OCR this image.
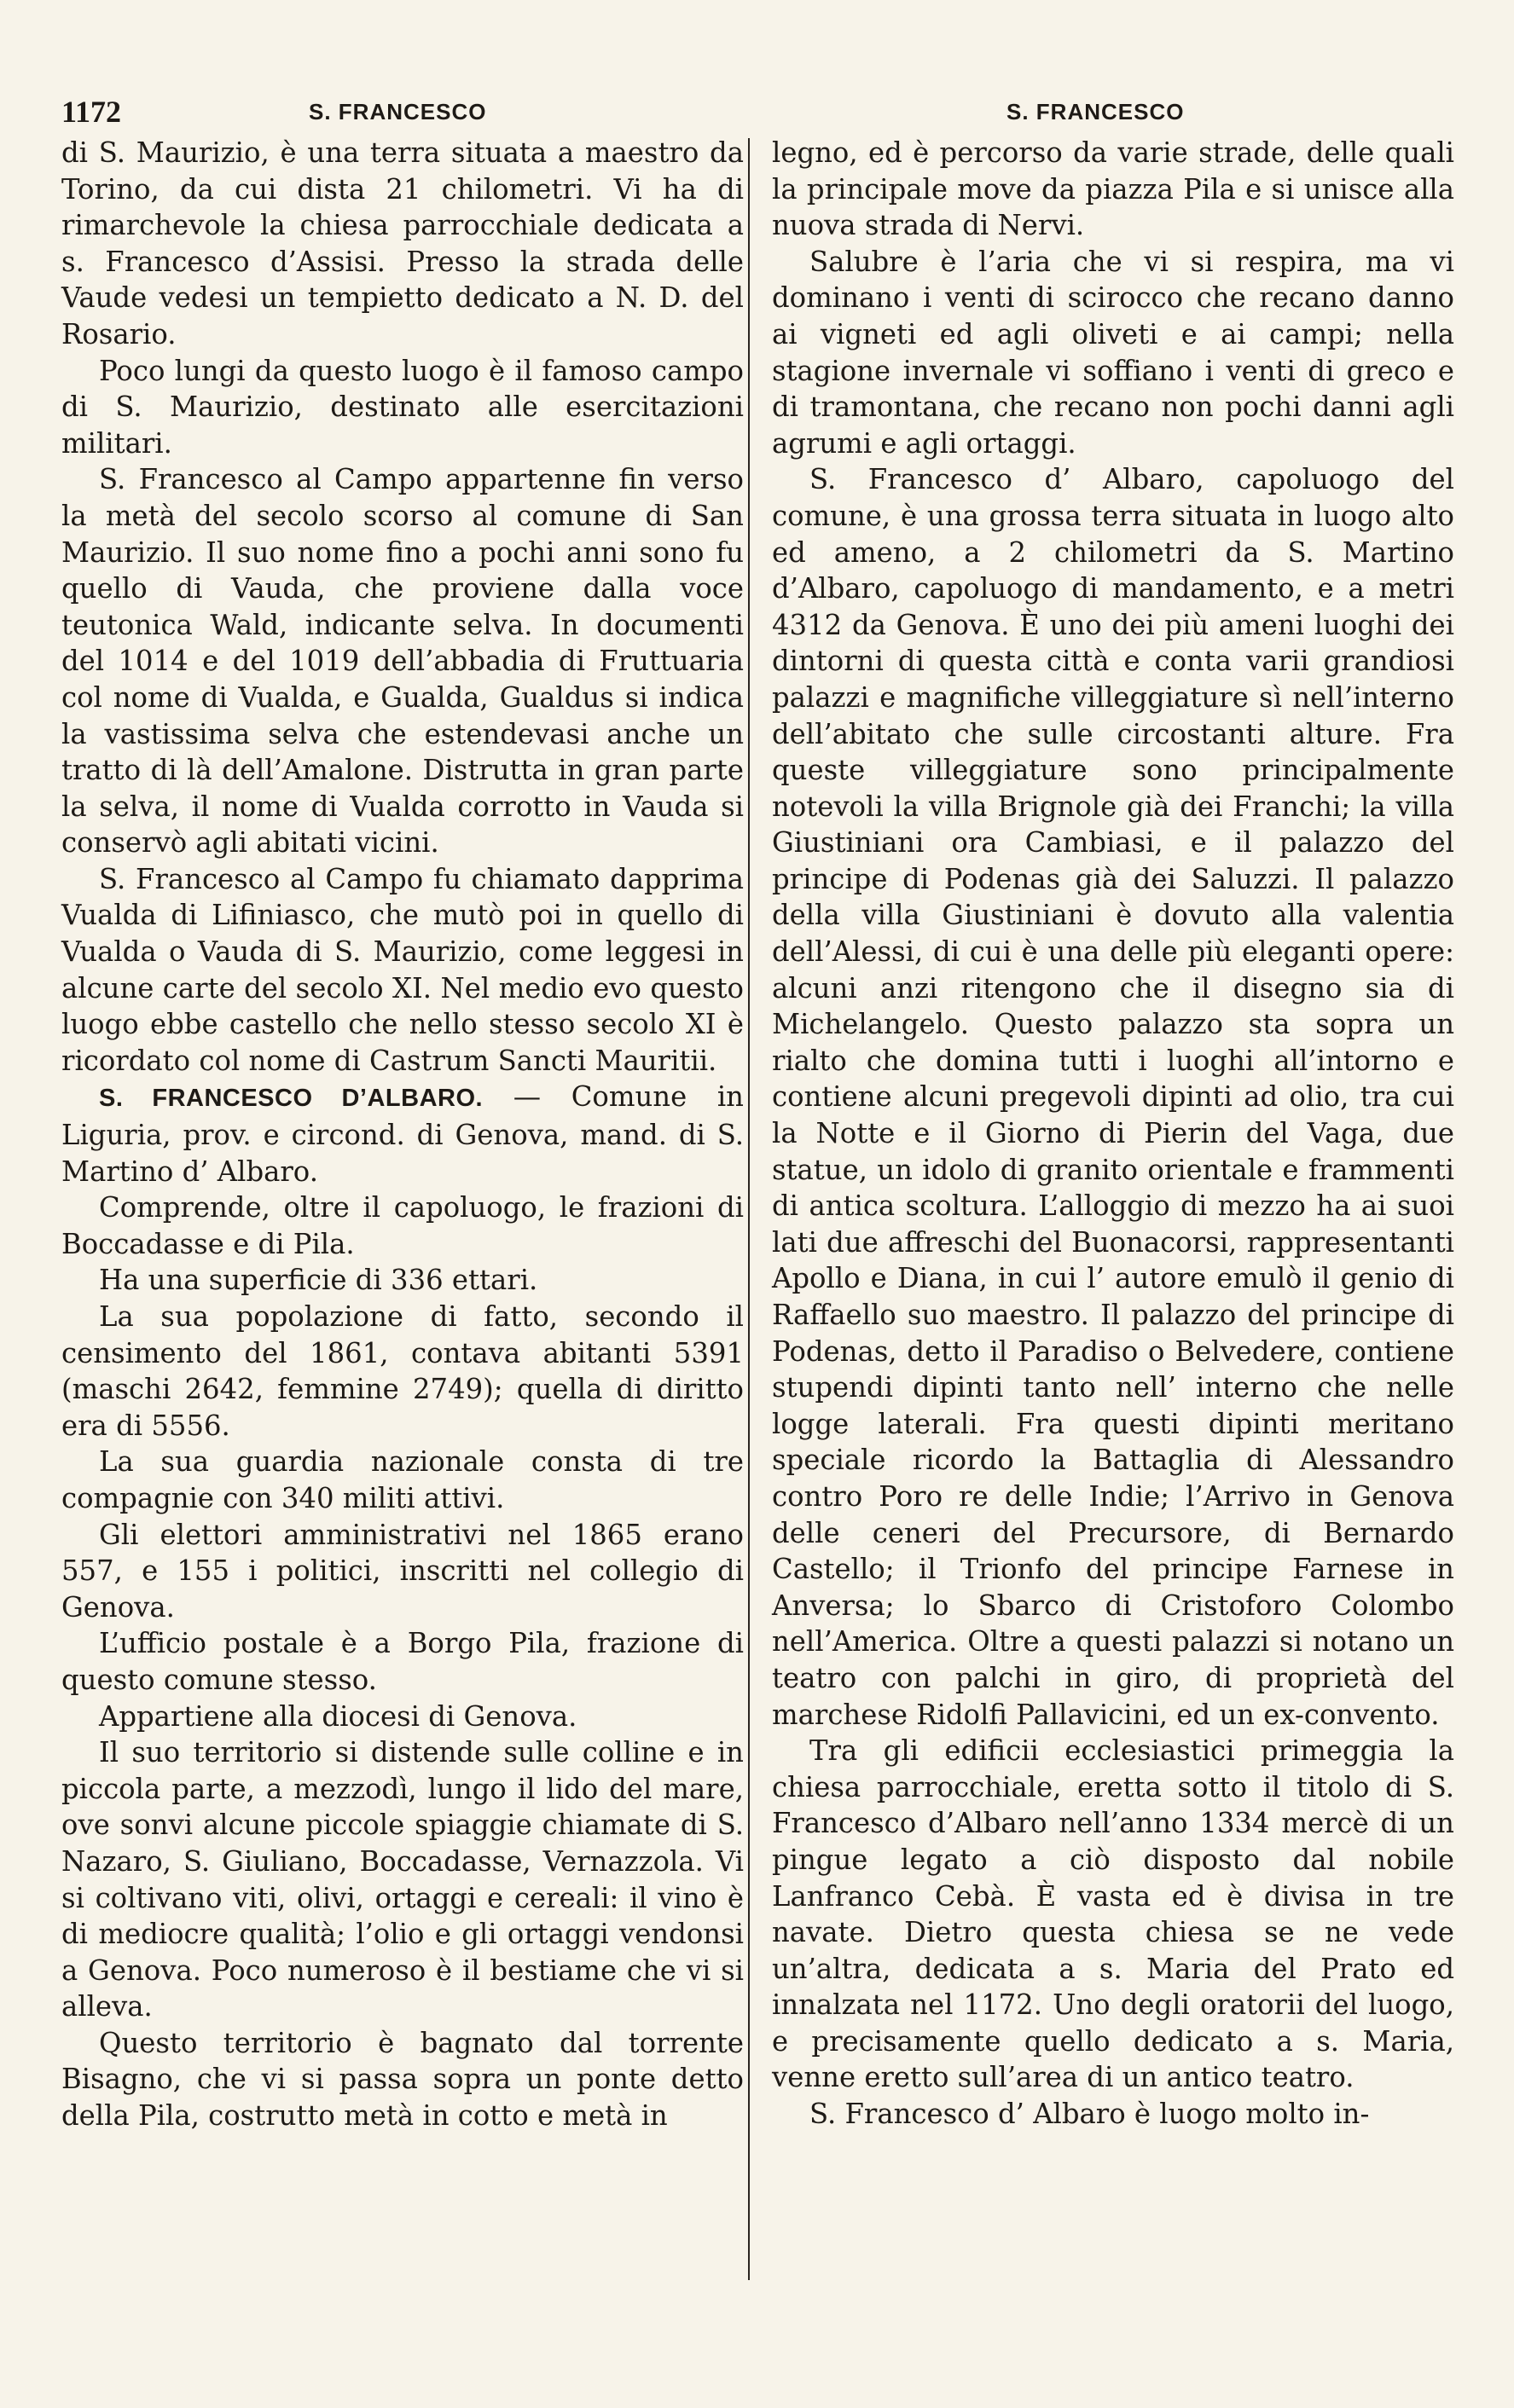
1172	S. FRANCESCO	S. FRANCESCO

di S. Maurizio, è una terra situata a maestro da Torino, da cui dista 21 chilometri. Vi ha di rimarchevole la chiesa parrocchiale dedicata a s. Francesco d’Assisi. Presso la strada delle Vaude vedesi un tempietto dedicato a N. D. del Rosario.

Poco lungi da questo luogo è il famoso campo di S. Maurizio, destinato alle esercitazioni militari.

S. Francesco al Campo appartenne fin verso la metà del secolo scorso al comune di San Maurizio. Il suo nome fino a pochi anni sono fu quello di Vauda, che proviene dalla voce teutonica Wald, indicante selva. In documenti del 1014 e del 1019 dell’abbadia di Fruttuaria col nome di Vualda, e Gualda, Gualdus si indica la vastissima selva che estendevasi anche un tratto di là dell’Amalone. Distrutta in gran parte la selva, il nome di Vualda corrotto in Vauda si conservò agli abitati vicini.

S. Francesco al Campo fu chiamato dapprima Vualda di Lifiniasco, che mutò poi in quello di Vualda o Vauda di S. Maurizio, come leggesi in alcune carte del secolo XI. Nel medio evo questo luogo ebbe castello che nello stesso secolo XI è ricordato col nome di Castrum Sancti Mauritii.

S. FRANCESCO D’ALBARO. — Comune in Liguria, prov. e circond. di Genova, mand. di S. Martino d’ Albaro.

Comprende, oltre il capoluogo, le frazioni di Boccadasse e di Pila.

Ha una superficie di 336 ettari.

La sua popolazione di fatto, secondo il censimento del 1861, contava abitanti 5391 (maschi 2642, femmine 2749); quella di diritto era di 5556.

La sua guardia nazionale consta di tre compagnie con 340 militi attivi.

Gli elettori amministrativi nel 1865 erano 557, e 155 i politici, inscritti nel collegio di Genova.

L’ufficio postale è a Borgo Pila, frazione di questo comune stesso.

Appartiene alla diocesi di Genova.

Il suo territorio si distende sulle colline e in piccola parte, a mezzodì, lungo il lido del mare, ove sonvi alcune piccole spiaggie chiamate di S. Nazaro, S. Giuliano, Boccadasse, Vernazzola. Vi si coltivano viti, olivi, ortaggi e cereali: il vino è di mediocre qualità; l’olio e gli ortaggi vendonsi a Genova. Poco numeroso è il bestiame che vi si alleva.

Questo territorio è bagnato dal torrente Bisagno, che vi si passa sopra un ponte detto della Pila, costrutto metà in cotto e metà in

legno, ed è percorso da varie strade, delle quali la principale move da piazza Pila e si unisce alla nuova strada di Nervi.

Salubre è l’aria che vi si respira, ma vi dominano i venti di scirocco che recano danno ai vigneti ed agli oliveti e ai campi; nella stagione invernale vi soffiano i venti di greco e di tramontana, che recano non pochi danni agli agrumi e agli ortaggi.

S. Francesco d’ Albaro, capoluogo del comune, è una grossa terra situata in luogo alto ed ameno, a 2 chilometri da S. Martino d’Albaro, capoluogo di mandamento, e a metri 4312 da Genova. È uno dei più ameni luoghi dei dintorni di questa città e conta varii grandiosi palazzi e magnifiche villeggiature sì nell’interno dell’abitato che sulle circostanti alture. Fra queste villeggiature sono principalmente notevoli la villa Brignole già dei Franchi; la villa Giustiniani ora Cambiasi, e il palazzo del principe di Podenas già dei Saluzzi. Il palazzo della villa Giustiniani è dovuto alla valentia dell’Alessi, di cui è una delle più eleganti opere: alcuni anzi ritengono che il disegno sia di Michelangelo. Questo palazzo sta sopra un rialto che domina tutti i luoghi all’intorno e contiene alcuni pregevoli dipinti ad olio, tra cui la Notte e il Giorno di Pierin del Vaga, due statue, un idolo di granito orientale e frammenti di antica scoltura. L’alloggio di mezzo ha ai suoi lati due affreschi del Buonacorsi, rappresentanti Apollo e Diana, in cui l’ autore emulò il genio di Raffaello suo maestro. Il palazzo del principe di Podenas, detto il Paradiso o Belvedere, contiene stupendi dipinti tanto nell’ interno che nelle logge laterali. Fra questi dipinti meritano speciale ricordo la Battaglia di Alessandro contro Poro re delle Indie; l’Arrivo in Genova delle ceneri del Precursore, di Bernardo Castello; il Trionfo del principe Farnese in Anversa; lo Sbarco di Cristoforo Colombo nell’America. Oltre a questi palazzi si notano un teatro con palchi in giro, di proprietà del marchese Ridolfi Pallavicini, ed un ex-convento.

Tra gli edificii ecclesiastici primeggia la chiesa parrocchiale, eretta sotto il titolo di S. Francesco d’Albaro nell’anno 1334 mercè di un pingue legato a ciò disposto dal nobile Lanfranco Cebà. È vasta ed è divisa in tre navate. Dietro questa chiesa se ne vede un’altra, dedicata a s. Maria del Prato ed innalzata nel 1172. Uno degli oratorii del luogo, e precisamente quello dedicato a s. Maria, venne eretto sull’area di un antico teatro.

S. Francesco d’ Albaro è luogo molto in-
